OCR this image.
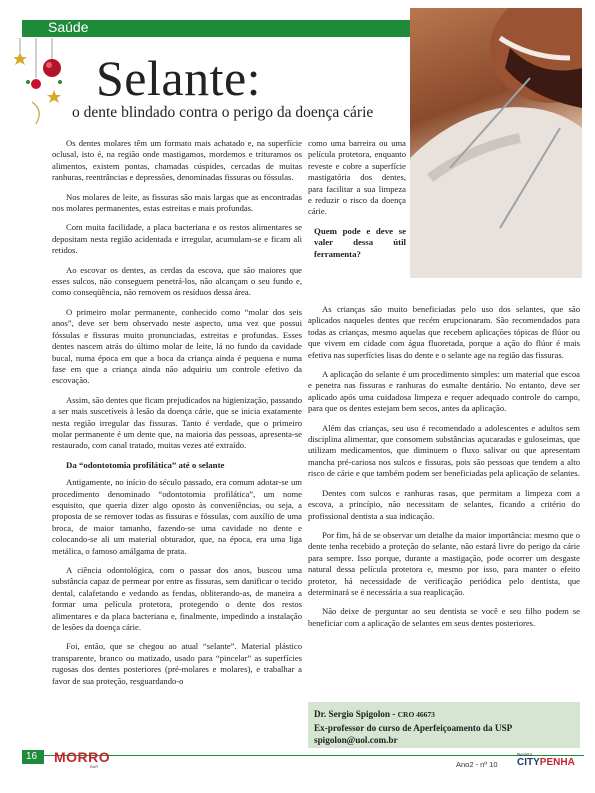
Saúde
Selante:
o dente blindado contra o perigo da doença cárie

Os dentes molares têm um formato mais achatado e, na superfície oclusal, isto é, na região onde mastigamos, mordemos e trituramos os alimentos, existem pontas, chamadas cúspides, cercadas de muitas ranhuras, reentrâncias e depressões, denominadas fissuras ou fóssulas.

Nos molares de leite, as fissuras são mais largas que as encontradas nos molares permanentes, estas estreitas e mais profundas.

Com muita facilidade, a placa bacteriana e os restos alimentares se depositam nesta região acidentada e irregular, acumulam-se e ficam ali retidos.

Ao escovar os dentes, as cerdas da escova, que são maiores que esses sulcos, não conseguem penetrá-los, não alcançam o seu fundo e, como conseqüência, não removem os resíduos dessa área.

O primeiro molar permanente, conhecido como “molar dos seis anos”, deve ser bem observado neste aspecto, uma vez que possui fóssulas e fissuras muito pronunciadas, estreitas e profundas. Esses dentes nascem atrás do último molar de leite, lá no fundo da cavidade bucal, numa época em que a boca da criança ainda é pequena e numa fase em que a criança ainda não adquiriu um controle efetivo da escovação.

Assim, são dentes que ficam prejudicados na higienização, passando a ser mais suscetíveis à lesão da doença cárie, que se inicia exatamente nesta região irregular das fissuras. Tanto é verdade, que o primeiro molar permanente é um dente que, na maioria das pessoas, apresenta-se restaurado, com canal tratado, muitas vezes até extraído.

Da “odontotomia profilática” até o selante

Antigamente, no início do século passado, era comum adotar-se um procedimento denominado “odontotomia profilática”, um nome esquisito, que queria dizer algo oposto às conveniências, ou seja, a proposta de se remover todas as fissuras e fóssulas, com auxílio de uma broca, de maior tamanho, fazendo-se uma cavidade no dente e colocando-se ali um material obturador, que, na época, era uma liga metálica, o famoso amálgama de prata.

A ciência odontológica, com o passar dos anos, buscou uma substância capaz de permear por entre as fissuras, sem danificar o tecido dental, calafetando e vedando as fendas, obliterando-as, de maneira a formar uma película protetora, protegendo o dente dos restos alimentares e da placa bacteriana e, finalmente, impedindo a instalação de lesões da doença cárie.

Foi, então, que se chegou ao atual “selante”. Material plástico transparente, branco ou matizado, usado para “pincelar” as superfícies rugosas dos dentes posteriores (pré-molares e molares), e trabalhar a favor de sua proteção, resguardando-o

como uma barreira ou uma película protetora, enquanto reveste e cobre a superfície mastigatória dos dentes, para facilitar a sua limpeza e reduzir o risco da doença cárie.

Quem pode e deve se valer dessa útil ferramenta?

As crianças são muito beneficiadas pelo uso dos selantes, que são aplicados naqueles dentes que recém erupcionaram. São recomendados para todas as crianças, mesmo aquelas que recebem aplicações tópicas de flúor ou que vivem em cidade com água fluoretada, porque a ação do flúor é mais efetiva nas superfícies lisas do dente e o selante age na região das fissuras.

A aplicação do selante é um procedimento simples: um material que escoa e penetra nas fissuras e ranhuras do esmalte dentário. No entanto, deve ser aplicado após uma cuidadosa limpeza e requer adequado controle do campo, para que os dentes estejam bem secos, antes da aplicação.

Além das crianças, seu uso é recomendado a adolescentes e adultos sem disciplina alimentar, que consomem substâncias açucaradas e guloseimas, que utilizam medicamentos, que diminuem o fluxo salivar ou que apresentam mancha pré-cariosa nos sulcos e fissuras, pois são pessoas que tendem a alto risco de cárie e que também podem ser beneficiadas pela aplicação de selantes.

Dentes com sulcos e ranhuras rasas, que permitam a limpeza com a escova, a princípio, não necessitam de selantes, ficando a critério do profissional dentista a sua indicação.

Por fim, há de se observar um detalhe da maior importância: mesmo que o dente tenha recebido a proteção do selante, não estará livre do perigo da cárie para sempre. Isso porque, durante a mastigação, pode ocorrer um desgaste natural dessa película protetora e, mesmo por isso, para manter o efeito protetor, há necessidade de verificação periódica pelo dentista, que determinará se é necessária a sua reaplicação.

Não deixe de perguntar ao seu dentista se você e seu filho podem se beneficiar com a aplicação de selantes em seus dentes posteriores.

Dr. Sergio Spigolon - CRO 46673
Ex-professor do curso de Aperfeiçoamento da USP
spigolon@uol.com.br
16 MORRO
BAR	Ano2 - nº 10
Revista
CITYPENHA
